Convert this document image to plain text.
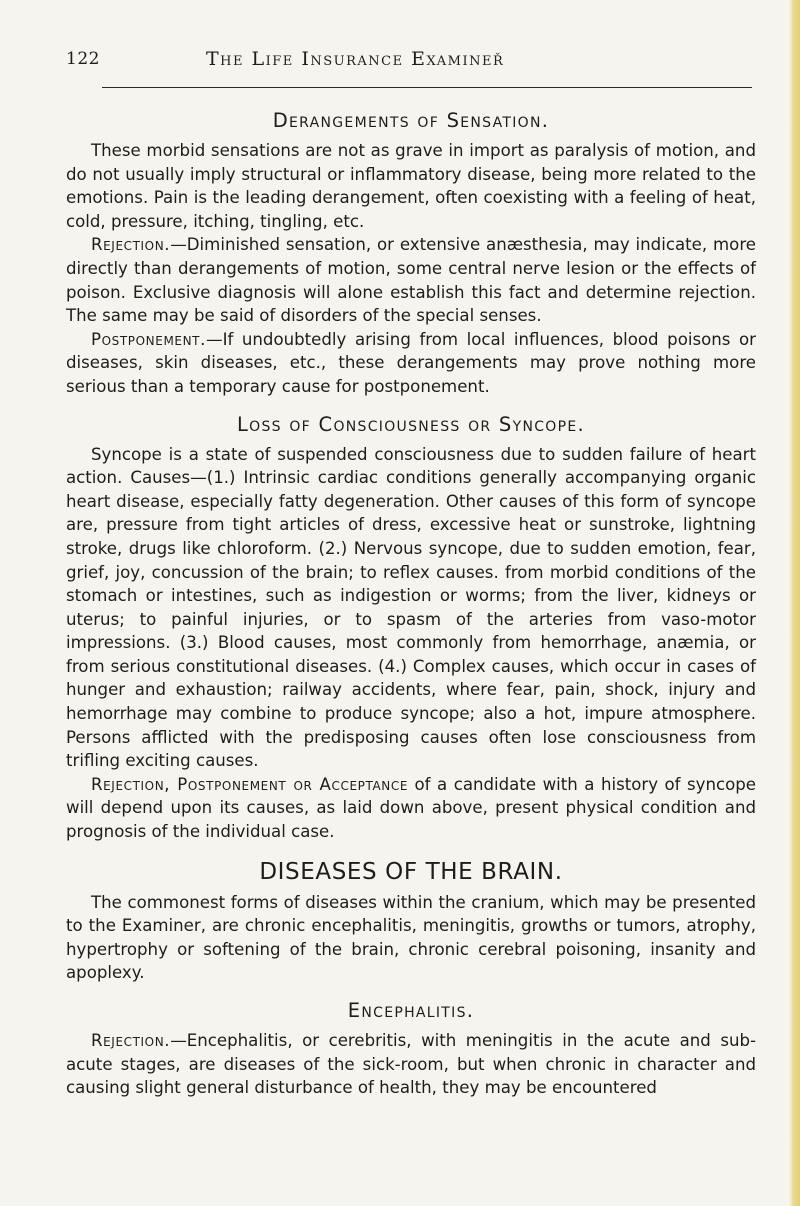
122	The Life Insurance Examineř
Derangements of Sensation.

These morbid sensations are not as grave in import as paralysis of motion, and do not usually imply structural or inflammatory disease, being more related to the emotions. Pain is the leading derangement, often coexisting with a feeling of heat, cold, pressure, itching, tingling, etc.

Rejection.—Diminished sensation, or extensive anæsthesia, may indicate, more directly than derangements of motion, some central nerve lesion or the effects of poison. Exclusive diagnosis will alone establish this fact and determine rejection. The same may be said of disorders of the special senses.

Postponement.—If undoubtedly arising from local influences, blood poisons or diseases, skin diseases, etc., these derangements may prove nothing more serious than a temporary cause for postponement.

Loss of Consciousness or Syncope.

Syncope is a state of suspended consciousness due to sudden failure of heart action. Causes—(1.) Intrinsic cardiac conditions generally accompanying organic heart disease, especially fatty degeneration. Other causes of this form of syncope are, pressure from tight articles of dress, excessive heat or sunstroke, lightning stroke, drugs like chloroform. (2.) Nervous syncope, due to sudden emotion, fear, grief, joy, concussion of the brain; to reflex causes. from morbid conditions of the stomach or intestines, such as indigestion or worms; from the liver, kidneys or uterus; to painful injuries, or to spasm of the arteries from vaso-motor impressions. (3.) Blood causes, most commonly from hemorrhage, anæmia, or from serious constitutional diseases. (4.) Complex causes, which occur in cases of hunger and exhaustion; railway accidents, where fear, pain, shock, injury and hemorrhage may combine to produce syncope; also a hot, impure atmosphere. Persons afflicted with the predisposing causes often lose consciousness from trifling exciting causes.

Rejection, Postponement or Acceptance of a candidate with a history of syncope will depend upon its causes, as laid down above, present physical condition and prognosis of the individual case.

DISEASES OF THE BRAIN.

The commonest forms of diseases within the cranium, which may be presented to the Examiner, are chronic encephalitis, meningitis, growths or tumors, atrophy, hypertrophy or softening of the brain, chronic cerebral poisoning, insanity and apoplexy.

Encephalitis.

Rejection.—Encephalitis, or cerebritis, with meningitis in the acute and sub-acute stages, are diseases of the sick-room, but when chronic in character and causing slight general disturbance of health, they may be encountered
